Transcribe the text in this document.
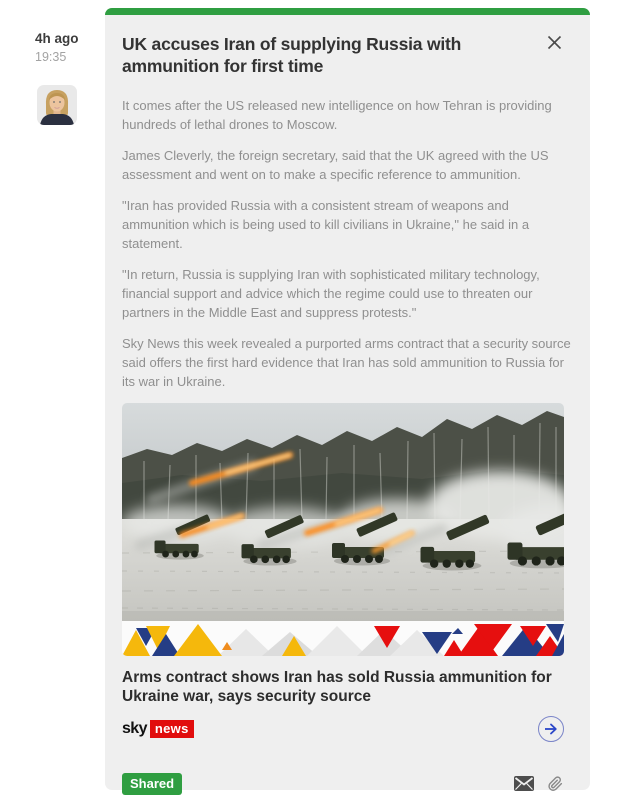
4h ago
19:35
UK accuses Iran of supplying Russia with ammunition for first time

It comes after the US released new intelligence on how Tehran is providing hundreds of lethal drones to Moscow.

James Cleverly, the foreign secretary, said that the UK agreed with the US assessment and went on to make a specific reference to ammunition.

"Iran has provided Russia with a consistent stream of weapons and ammunition which is being used to kill civilians in Ukraine," he said in a statement.

"In return, Russia is supplying Iran with sophisticated military technology, financial support and advice which the regime could use to threaten our partners in the Middle East and suppress protests."

Sky News this week revealed a purported arms contract that a security source said offers the first hard evidence that Iran has sold ammunition to Russia for its war in Ukraine.

Arms contract shows Iran has sold Russia ammunition for Ukraine war, says security source
sky news
Shared
